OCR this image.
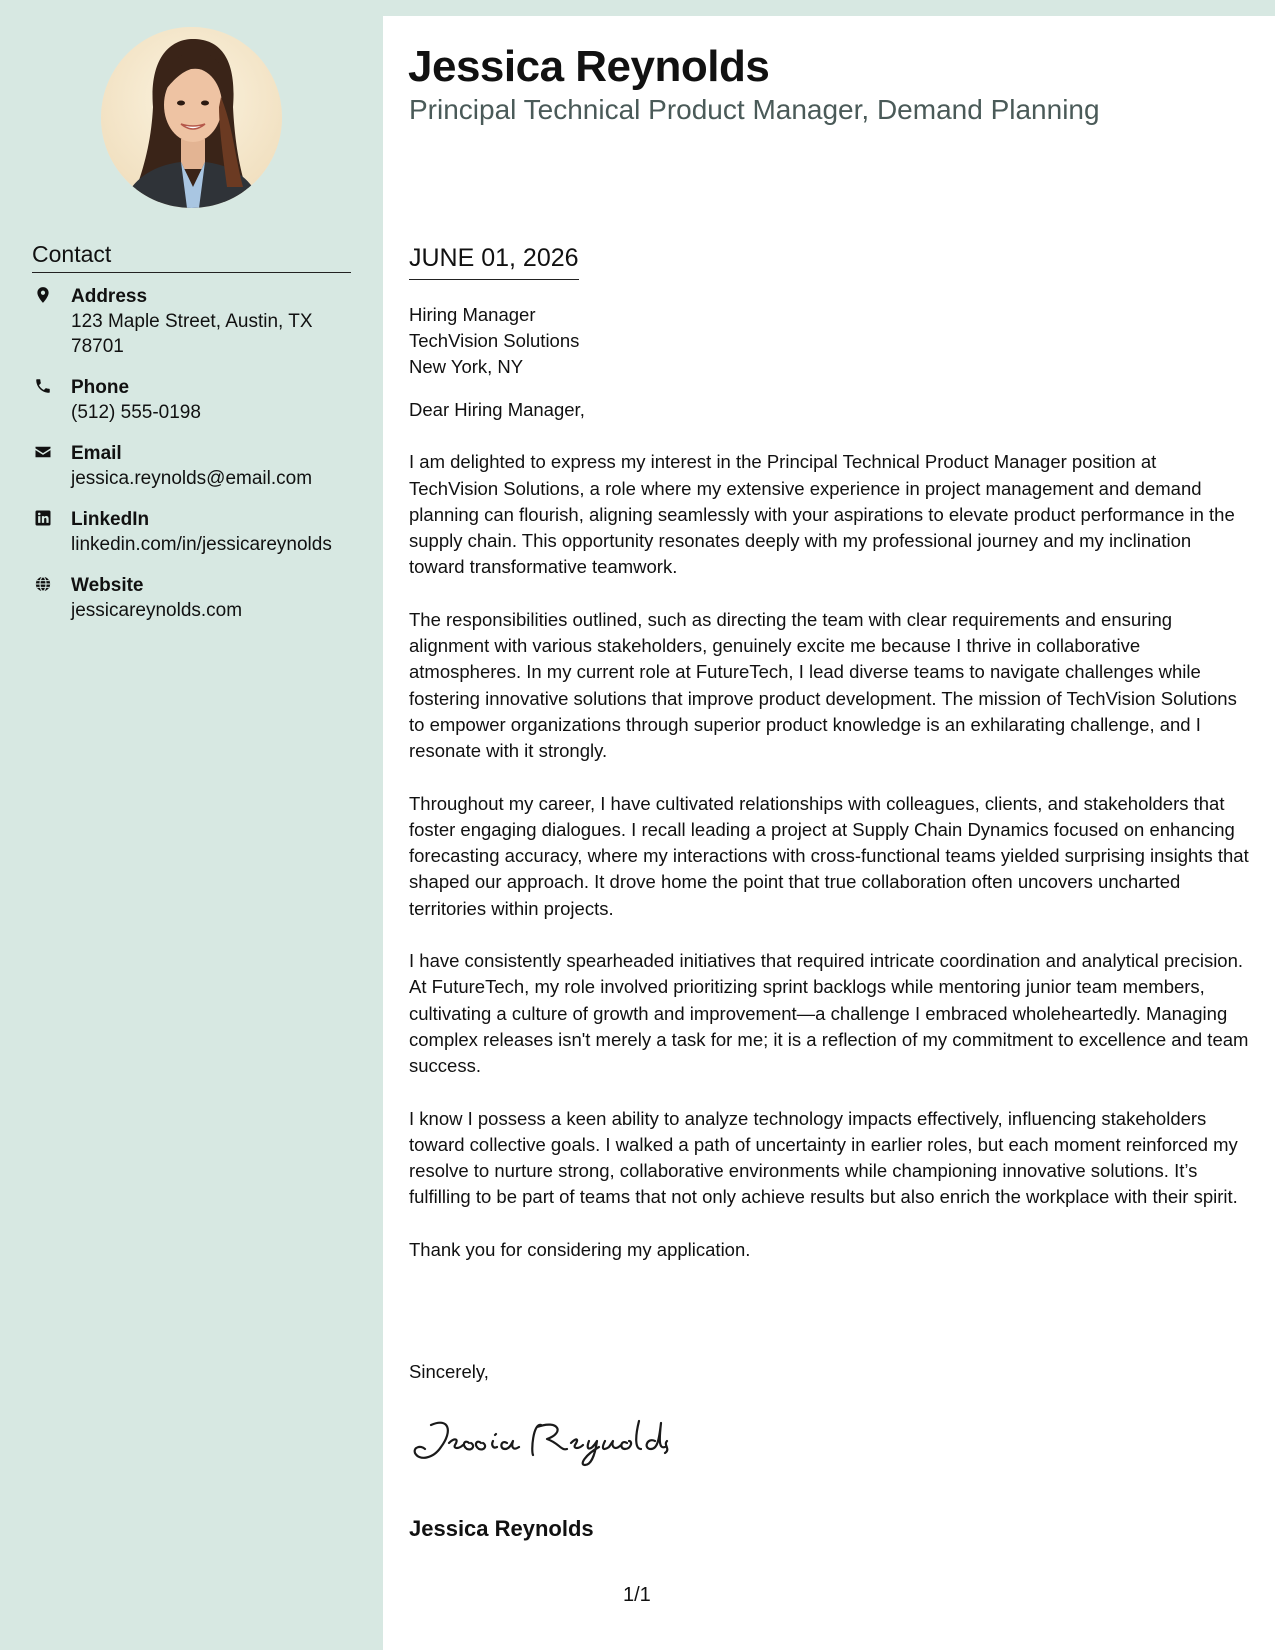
Contact
Address
123 Maple Street, Austin, TX
78701
Phone
(512) 555-0198
Email
jessica.reynolds@email.com
LinkedIn
linkedin.com/in/jessicareynolds
Website
jessicareynolds.com
Jessica Reynolds
Principal Technical Product Manager, Demand Planning
JUNE 01, 2026
Hiring Manager
TechVision Solutions
New York, NY
Dear Hiring Manager,
I am delighted to express my interest in the Principal Technical Product Manager position at TechVision Solutions, a role where my extensive experience in project management and demand planning can flourish, aligning seamlessly with your aspirations to elevate product performance in the supply chain. This opportunity resonates deeply with my professional journey and my inclination toward transformative teamwork.
The responsibilities outlined, such as directing the team with clear requirements and ensuring alignment with various stakeholders, genuinely excite me because I thrive in collaborative atmospheres. In my current role at FutureTech, I lead diverse teams to navigate challenges while fostering innovative solutions that improve product development. The mission of TechVision Solutions to empower organizations through superior product knowledge is an exhilarating challenge, and I resonate with it strongly.
Throughout my career, I have cultivated relationships with colleagues, clients, and stakeholders that foster engaging dialogues. I recall leading a project at Supply Chain Dynamics focused on enhancing forecasting accuracy, where my interactions with cross-functional teams yielded surprising insights that shaped our approach. It drove home the point that true collaboration often uncovers uncharted territories within projects.
I have consistently spearheaded initiatives that required intricate coordination and analytical precision. At FutureTech, my role involved prioritizing sprint backlogs while mentoring junior team members, cultivating a culture of growth and improvement—a challenge I embraced wholeheartedly. Managing complex releases isn't merely a task for me; it is a reflection of my commitment to excellence and team success.
I know I possess a keen ability to analyze technology impacts effectively, influencing stakeholders toward collective goals. I walked a path of uncertainty in earlier roles, but each moment reinforced my resolve to nurture strong, collaborative environments while championing innovative solutions. It’s fulfilling to be part of teams that not only achieve results but also enrich the workplace with their spirit.
Thank you for considering my application.
Sincerely,
Jessica Reynolds
1/1
